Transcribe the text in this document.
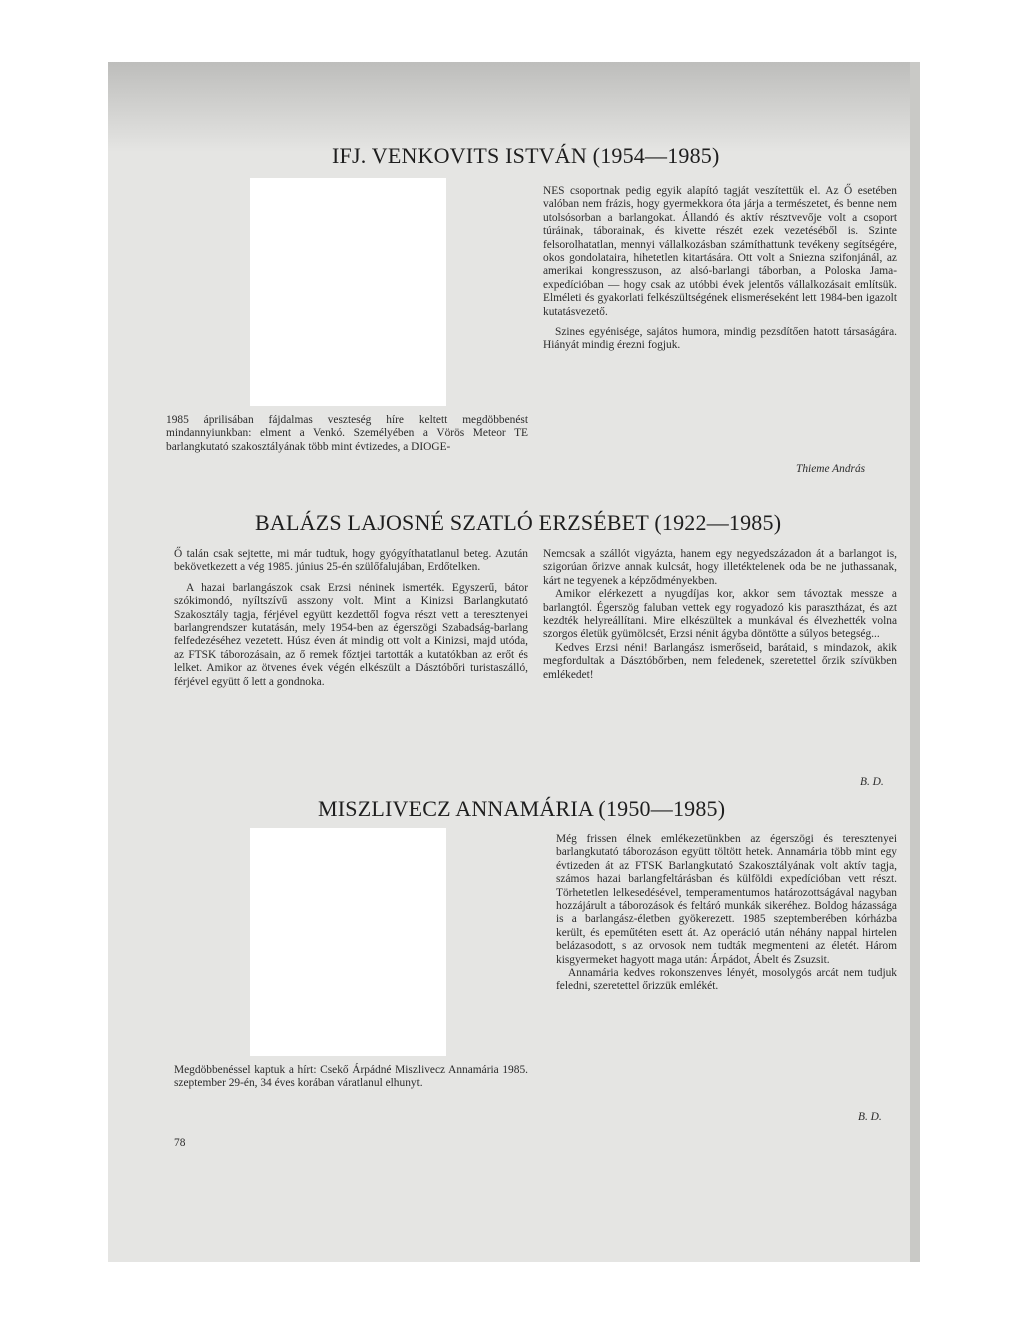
IFJ. VENKOVITS ISTVÁN (1954—1985)

1985 áprilisában fájdalmas veszteség híre keltett megdöbbenést mindannyiunkban: elment a Venkó. Személyében a Vörös Meteor TE barlangkutató szakosztályának több mint évtizedes, a DIOGE-

NES csoportnak pedig egyik alapító tagját veszítettük el. Az Ő esetében valóban nem frázis, hogy gyermekkora óta járja a természetet, és benne nem utolsósorban a barlangokat. Állandó és aktív résztvevője volt a csoport túráinak, táborainak, és kivette részét ezek vezetéséből is. Szinte felsorolhatatlan, mennyi vállalkozásban számíthattunk tevékeny segítségére, okos gondolataira, hihetetlen kitartására. Ott volt a Sniezna szifonjánál, az amerikai kongresszuson, az alsó-barlangi táborban, a Poloska Jama-expedícióban — hogy csak az utóbbi évek jelentős vállalkozásait említsük. Elméleti és gyakorlati felkészültségének elismeréseként lett 1984-ben igazolt kutatásvezető.

Szines egyénisége, sajátos humora, mindig pezsdítően hatott társaságára. Hiányát mindig érezni fogjuk.

Thieme András
BALÁZS LAJOSNÉ SZATLÓ ERZSÉBET (1922—1985)

Ő talán csak sejtette, mi már tudtuk, hogy gyógyíthatatlanul beteg. Azután bekövetkezett a vég 1985. június 25-én szülőfalujában, Erdőtelken.

A hazai barlangászok csak Erzsi néninek ismerték. Egyszerű, bátor szókimondó, nyíltszívű asszony volt. Mint a Kinizsi Barlangkutató Szakosztály tagja, férjével együtt kezdettől fogva részt vett a teresztenyei barlangrendszer kutatásán, mely 1954-ben az égerszögi Szabadság-barlang felfedezéséhez vezetett. Húsz éven át mindig ott volt a Kinizsi, majd utóda, az FTSK táborozásain, az ő remek főztjei tartották a kutatókban az erőt és lelket. Amikor az ötvenes évek végén elkészült a Dásztóbőri turistaszálló, férjével együtt ő lett a gondnoka.

Nemcsak a szállót vigyázta, hanem egy negyedszázadon át a barlangot is, szigorúan őrizve annak kulcsát, hogy illetéktelenek oda be ne juthassanak, kárt ne tegyenek a képződményekben.

Amikor elérkezett a nyugdíjas kor, akkor sem távoztak messze a barlangtól. Égerszög faluban vettek egy rogyadozó kis parasztházat, és azt kezdték helyreállítani. Mire elkészültek a munkával és élvezhették volna szorgos életük gyümölcsét, Erzsi nénit ágyba döntötte a súlyos betegség...

Kedves Erzsi néni! Barlangász ismerőseid, barátaid, s mindazok, akik megfordultak a Dásztóbőrben, nem feledenek, szeretettel őrzik szívükben emlékedet!

B. D.
MISZLIVECZ ANNAMÁRIA (1950—1985)

Megdöbbenéssel kaptuk a hírt: Csekő Árpádné Miszlivecz Annamária 1985. szeptember 29-én, 34 éves korában váratlanul elhunyt.

Még frissen élnek emlékezetünkben az égerszögi és teresztenyei barlangkutató táborozáson együtt töltött hetek. Annamária több mint egy évtizeden át az FTSK Barlangkutató Szakosztályának volt aktív tagja, számos hazai barlangfeltárásban és külföldi expedícióban vett részt. Törhetetlen lelkesedésével, temperamentumos határozottságával nagyban hozzájárult a táborozások és feltáró munkák sikeréhez. Boldog házassága is a barlangász-életben gyökerezett. 1985 szeptemberében kórházba került, és epeműtéten esett át. Az operáció után néhány nappal hirtelen belázasodott, s az orvosok nem tudták megmenteni az életét. Három kisgyermeket hagyott maga után: Árpádot, Ábelt és Zsuzsit.

Annamária kedves rokonszenves lényét, mosolygós arcát nem tudjuk feledni, szeretettel őrizzük emlékét.

B. D.
78
